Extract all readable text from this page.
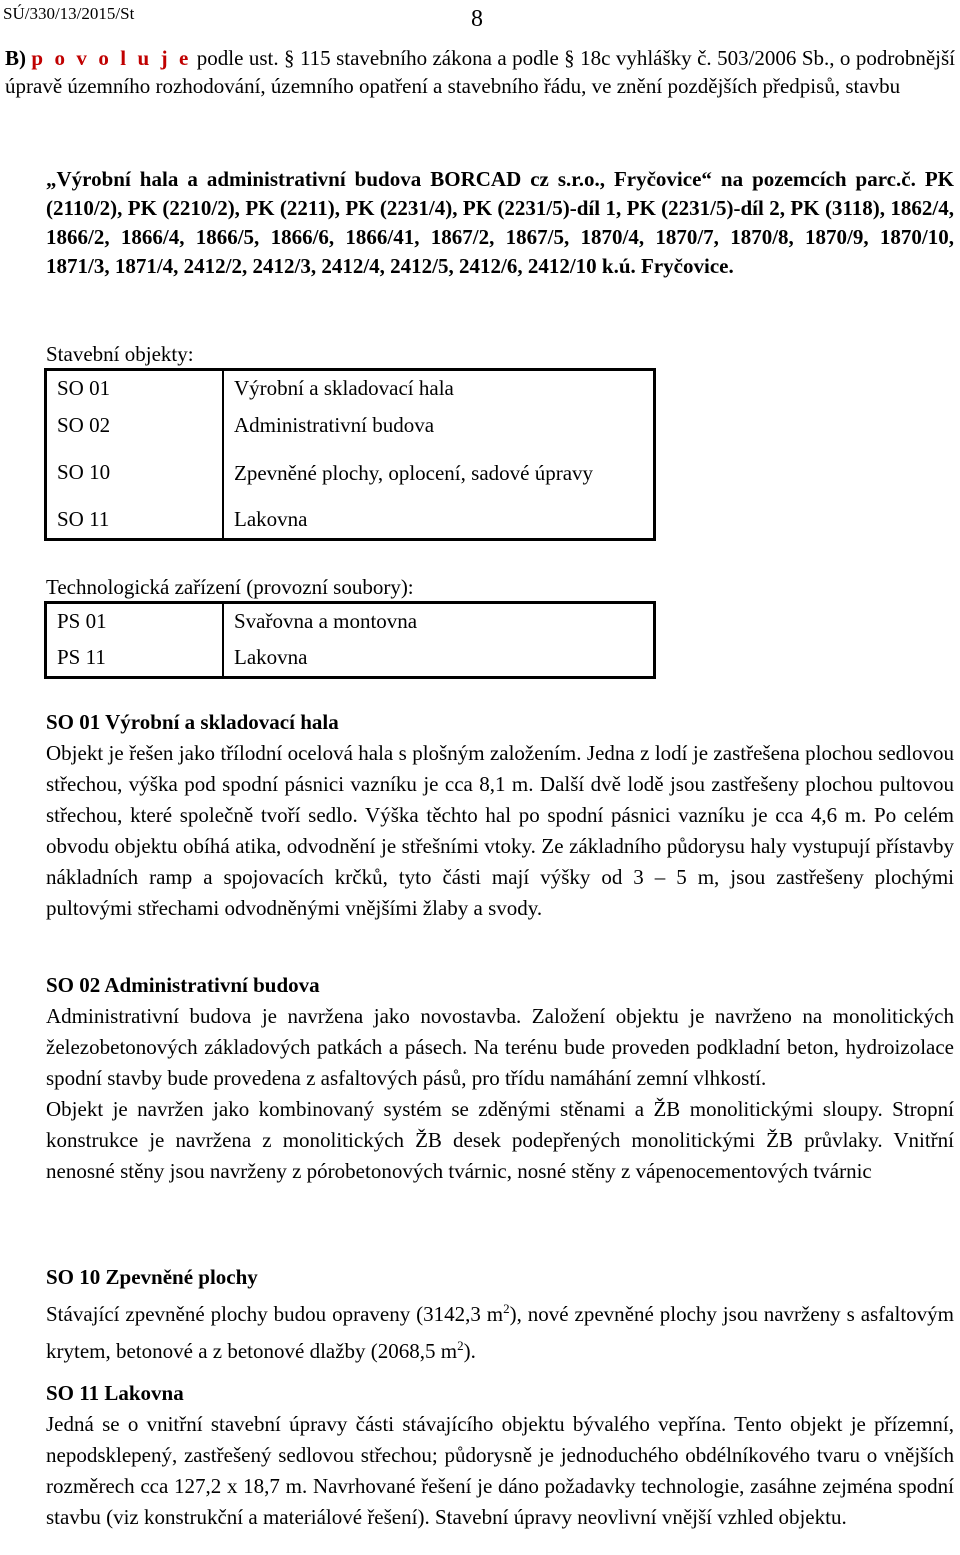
SÚ/330/13/2015/St	8

B) p o v o l u j e podle ust. § 115 stavebního zákona a podle § 18c vyhlášky č. 503/2006 Sb., o podrobnější úpravě územního rozhodování, územního opatření a stavebního řádu, ve znění pozdějších předpisů, stavbu

„Výrobní hala a administrativní budova BORCAD cz s.r.o., Fryčovice“ na pozemcích parc.č. PK (2110/2), PK (2210/2), PK (2211), PK (2231/4), PK (2231/5)-díl 1, PK (2231/5)-díl 2, PK (3118), 1862/4, 1866/2, 1866/4, 1866/5, 1866/6, 1866/41, 1867/2, 1867/5, 1870/4, 1870/7, 1870/8, 1870/9, 1870/10, 1871/3, 1871/4, 2412/2, 2412/3, 2412/4, 2412/5, 2412/6, 2412/10 k.ú. Fryčovice.
Stavební objekty:
SO 01	Výrobní a skladovací hala
SO 02	Administrativní budova
SO 10	Zpevněné plochy, oplocení, sadové úpravy
SO 11	Lakovna
Technologická zařízení (provozní soubory):
PS 01	Svařovna a montovna
PS 11	Lakovna
SO 01 Výrobní a skladovací hala

Objekt je řešen jako třílodní ocelová hala s plošným založením. Jedna z lodí je zastřešena plochou sedlovou střechou, výška pod spodní pásnici vazníku je cca 8,1 m. Další dvě lodě jsou zastřešeny plochou pultovou střechou, které společně tvoří sedlo. Výška těchto hal po spodní pásnici vazníku je cca 4,6 m. Po celém obvodu objektu obíhá atika, odvodnění je střešními vtoky. Ze základního půdorysu haly vystupují přístavby nákladních ramp a spojovacích krčků, tyto části mají výšky od 3 – 5 m, jsou zastřešeny plochými pultovými střechami odvodněnými vnějšími žlaby a svody.

SO 02 Administrativní budova

Administrativní budova je navržena jako novostavba. Založení objektu je navrženo na monolitických železobetonových základových patkách a pásech. Na terénu bude proveden podkladní beton, hydroizolace spodní stavby bude provedena z asfaltových pásů, pro třídu namáhání zemní vlhkostí.

Objekt je navržen jako kombinovaný systém se zděnými stěnami a ŽB monolitickými sloupy. Stropní konstrukce je navržena z monolitických ŽB desek podepřených monolitickými ŽB průvlaky. Vnitřní nenosné stěny jsou navrženy z pórobetonových tvárnic, nosné stěny z vápenocementových tvárnic

SO 10 Zpevněné plochy

Stávající zpevněné plochy budou opraveny (3142,3 $m^2$), nové zpevněné plochy jsou navrženy s asfaltovým krytem, betonové a z betonové dlažby (2068,5 $m^2$).

SO 11 Lakovna

Jedná se o vnitřní stavební úpravy části stávajícího objektu bývalého vepřína. Tento objekt je přízemní, nepodsklepený, zastřešený sedlovou střechou; půdorysně je jednoduchého obdélníkového tvaru o vnějších rozměrech cca 127,2 x 18,7 m. Navrhované řešení je dáno požadavky technologie, zasáhne zejména spodní stavbu (viz konstrukční a materiálové řešení). Stavební úpravy neovlivní vnější vzhled objektu.
